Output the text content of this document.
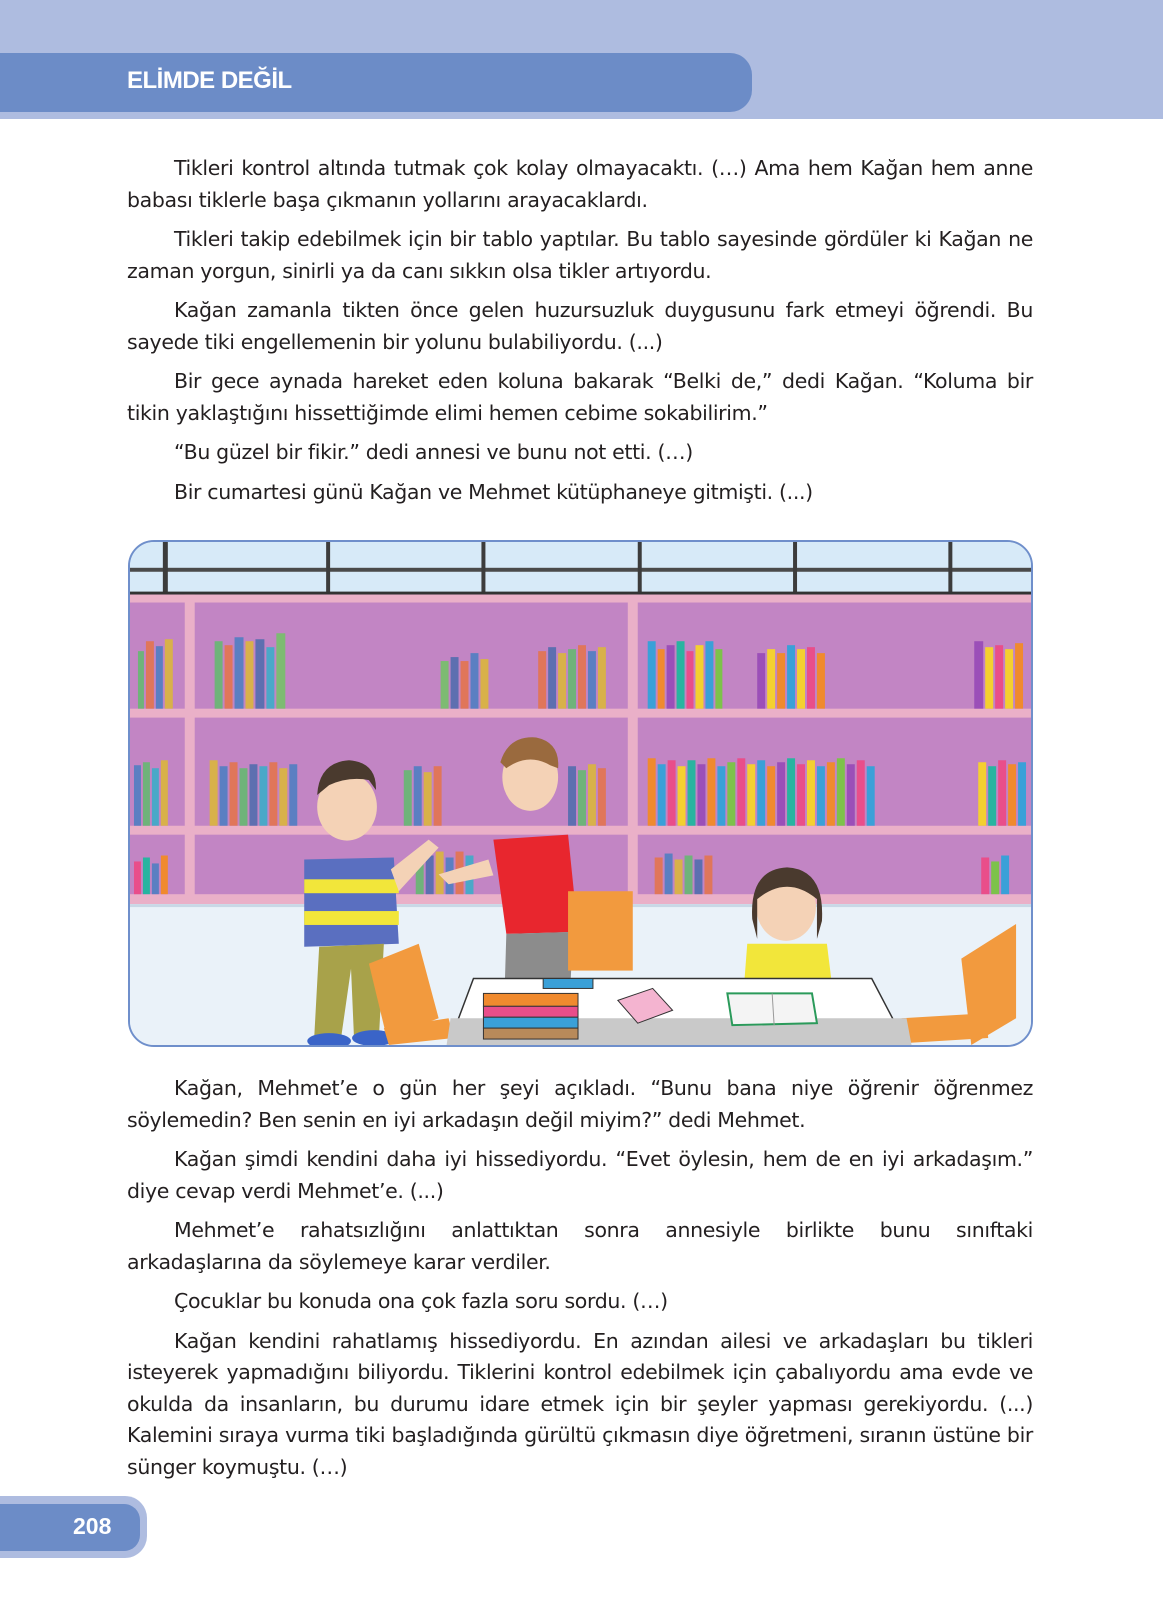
ELİMDE DEĞİL

Tikleri kontrol altında tutmak çok kolay olmayacaktı. (…) Ama hem Kağan hem anne babası tiklerle başa çıkmanın yollarını arayacaklardı.

Tikleri takip edebilmek için bir tablo yaptılar. Bu tablo sayesinde gördüler ki Kağan ne zaman yorgun, sinirli ya da canı sıkkın olsa tikler artıyordu.

Kağan zamanla tikten önce gelen huzursuzluk duygusunu fark etmeyi öğrendi. Bu sayede tiki engellemenin bir yolunu bulabiliyordu. (...)

Bir gece aynada hareket eden koluna bakarak “Belki de,” dedi Kağan. “Koluma bir tikin yaklaştığını hissettiğimde elimi hemen cebime sokabilirim.”

“Bu güzel bir fikir.” dedi annesi ve bunu not etti. (…)

Bir cumartesi günü Kağan ve Mehmet kütüphaneye gitmişti. (...)

Kağan, Mehmet’e o gün her şeyi açıkladı. “Bunu bana niye öğrenir öğrenmez söylemedin? Ben senin en iyi arkadaşın değil miyim?” dedi Mehmet.

Kağan şimdi kendini daha iyi hissediyordu. “Evet öylesin, hem de en iyi arkadaşım.” diye cevap verdi Mehmet’e. (...)

Mehmet’e rahatsızlığını anlattıktan sonra annesiyle birlikte bunu sınıftaki arkadaşlarına da söylemeye karar verdiler.

Çocuklar bu konuda ona çok fazla soru sordu. (…)

Kağan kendini rahatlamış hissediyordu. En azından ailesi ve arkadaşları bu tikleri isteyerek yapmadığını biliyordu. Tiklerini kontrol edebilmek için çabalıyordu ama evde ve okulda da insanların, bu durumu idare etmek için bir şeyler yapması gerekiyordu. (...) Kalemini sıraya vurma tiki başladığında gürültü çıkmasın diye öğretmeni, sıranın üstüne bir sünger koymuştu. (…)

208
